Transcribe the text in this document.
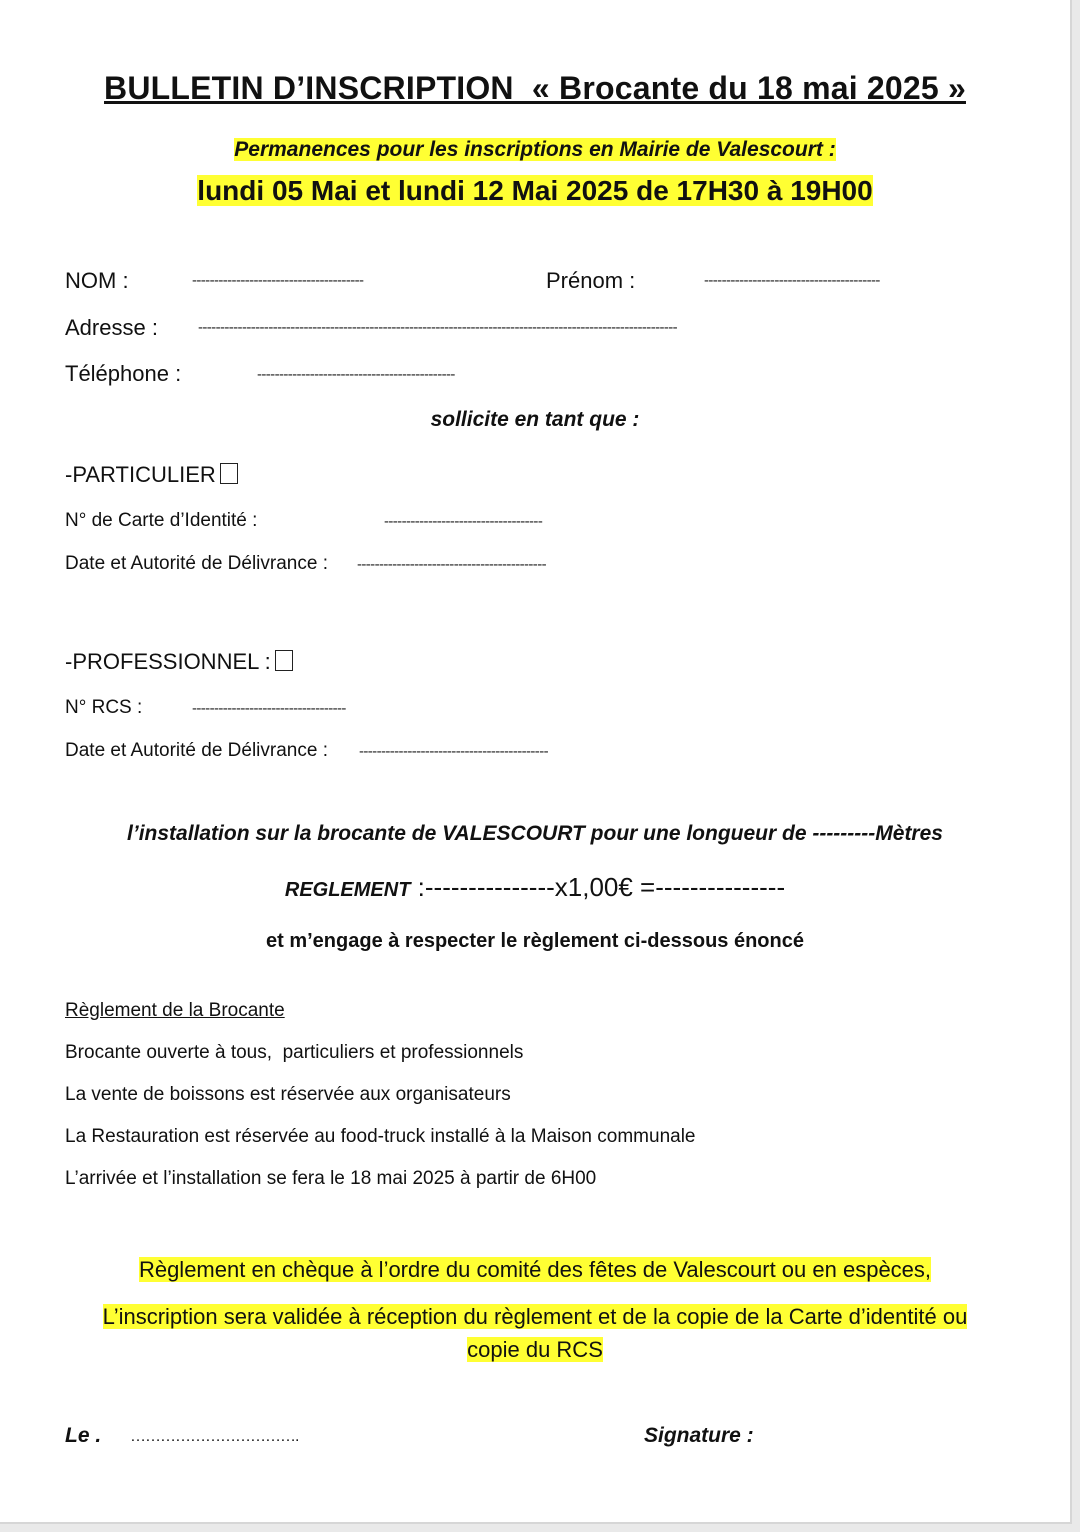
BULLETIN D’INSCRIPTION  « Brocante du 18 mai 2025 »
Permanences pour les inscriptions en Mairie de Valescourt :
lundi 05 Mai et lundi 12 Mai 2025 de 17H30 à 19H00
NOM :	---------------------------------------	Prénom :	----------------------------------------
Adresse :	-------------------------------------------------------------------------------------------------------------
Téléphone :	---------------------------------------------
sollicite en tant que :
-PARTICULIER
N° de Carte d’Identité :	------------------------------------
Date et Autorité de Délivrance : -------------------------------------------
-PROFESSIONNEL :
N° RCS :	-----------------------------------
Date et Autorité de Délivrance : -------------------------------------------
l’installation sur la brocante de VALESCOURT pour une longueur de ---------Mètres
REGLEMENT :---------------x1,00€ =---------------
et m’engage à respecter le règlement ci-dessous énoncé
Règlement de la Brocante
Brocante ouverte à tous,  particuliers et professionnels
La vente de boissons est réservée aux organisateurs
La Restauration est réservée au food-truck installé à la Maison communale
L’arrivée et l’installation se fera le 18 mai 2025 à partir de 6H00
Règlement en chèque à l’ordre du comité des fêtes de Valescourt ou en espèces,
L’inscription sera validée à réception du règlement et de la copie de la Carte d’identité ou
copie du RCS
Le . …………………………….	Signature :
